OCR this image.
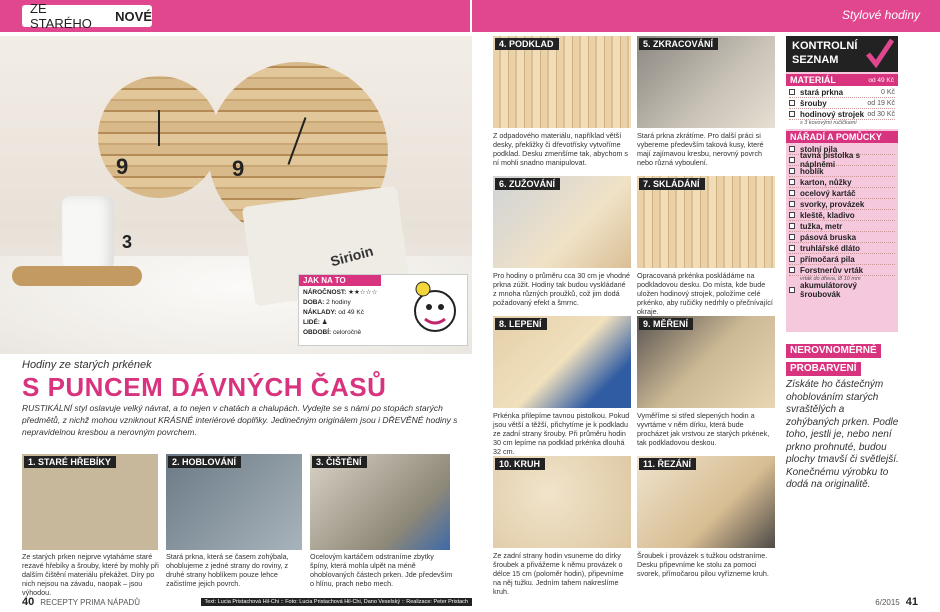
ZE STARÉHO
	NOVÉ	Stylové hodiny
9	9
3
Sirioin
JAK NA TO
NÁROČNOST: ★★☆☆☆
DOBA: 2 hodiny
NÁKLADY: od 49 Kč
LIDÉ: ♟
OBDOBÍ: celoročně
Hodiny ze starých prkének
S PUNCEM DÁVNÝCH ČASŮ
RUSTIKÁLNÍ styl oslavuje velký návrat, a to nejen v chatách a chalupách. Vydejte se s námi po stopách starých předmětů, z nichž mohou vzniknout KRÁSNÉ interiérové doplňky. Jedinečným originálem jsou i DŘEVĚNÉ hodiny s nepravidelnou kresbou a nerovným povrchem.
1. STARÉ HŘEBÍKY
Ze starých prken nejprve vytaháme staré rezavé hřebíky a šrouby, které by mohly při dalším čištění materiálu překážet. Díry po nich nejsou na závadu, naopak – jsou výhodou.
2. HOBLOVÁNÍ
Stará prkna, která se časem zohýbala, ohoblujeme z jedné strany do roviny, z druhé strany hoblíkem pouze lehce začistíme jejich povrch.
3. ČIŠTĚNÍ
Ocelovým kartáčem odstraníme zbytky špíny, která mohla ulpět na méně ohoblovaných částech prken. Jde především o hlínu, prach nebo mech.
4. PODKLAD
Z odpadového materiálu, například větší desky, překližky či dřevotřísky vytvoříme podklad. Desku zmenšíme tak, abychom s ní mohli snadno manipulovat.
5. ZKRACOVÁNÍ
Stará prkna zkrátíme. Pro další práci si vybereme především taková kusy, které mají zajímavou kresbu, nerovný povrch nebo různá vyboulení.
6. ZUŽOVÁNÍ
Pro hodiny o průměru cca 30 cm je vhodné prkna zúžit. Hodiny tak budou vyskládané z mnoha různých proužků, což jim dodá požadovaný efekt a šmrnc.
7. SKLÁDÁNÍ
Opracovaná prkénka poskládáme na podkladovou desku. Do místa, kde bude uložen hodinový strojek, položíme celé prkénko, aby ručičky nedrhly o přečnívající okraje.
8. LEPENÍ
Prkénka přilepíme tavnou pistolkou. Pokud jsou větší a těžší, přichytíme je k podkladu ze zadní strany šrouby. Při průměru hodin 30 cm lepíme na podklad prkénka dlouhá 32 cm.
9. MĚŘENÍ
Vyměříme si střed slepených hodin a vyvrtáme v něm dírku, která bude procházet jak vrstvou ze starých prkének, tak podkladovou deskou.
10. KRUH
Ze zadní strany hodin vsuneme do dírky šroubek a přivážeme k němu provázek o délce 15 cm (poloměr hodin), připevníme na něj tužku. Jedním tahem nakreslíme kruh.
11. ŘEZÁNÍ
Šroubek i provázek s tužkou odstraníme. Desku připevníme ke stolu za pomoci svorek, přímočarou pilou vyřízneme kruh.
KONTROLNÍ
SEZNAM
MATERIÁL	od 49 Kč
stará prkna	0 Kč
šrouby	od 19 Kč
hodinový strojek od 30 Kč
s 3 kovovými ručičkami
NÁŘADÍ A POMŮCKY
stolní pila
tavná pistolka s náplněmi
hoblík
karton, nůžky
ocelový kartáč
svorky, provázek
kleště, kladivo
tužka, metr
pásová bruska
truhlářské dláto
přímočará pila
Forstnerův vrták
vrták do dřeva, Ø 10 mm
akumulátorový šroubovák
NEROVNOMĚRNÉ

PROBARVENÍ
Získáte ho částečným ohoblováním starých svraštělých a zohýbaných prken. Podle toho, jestli je, nebo není prkno prohnuté, budou plochy tmavší či světlejší. Konečnému výrobku to dodá na originalitě.
40 RECEPTY PRIMA NÁPADŮ	Text: Lucia Pristachová Hil-Chi :: Foto: Lucia Pristachová Hil-Chi, Dano Veselský :: Realizace: Peter Pristach	6/2015 41
